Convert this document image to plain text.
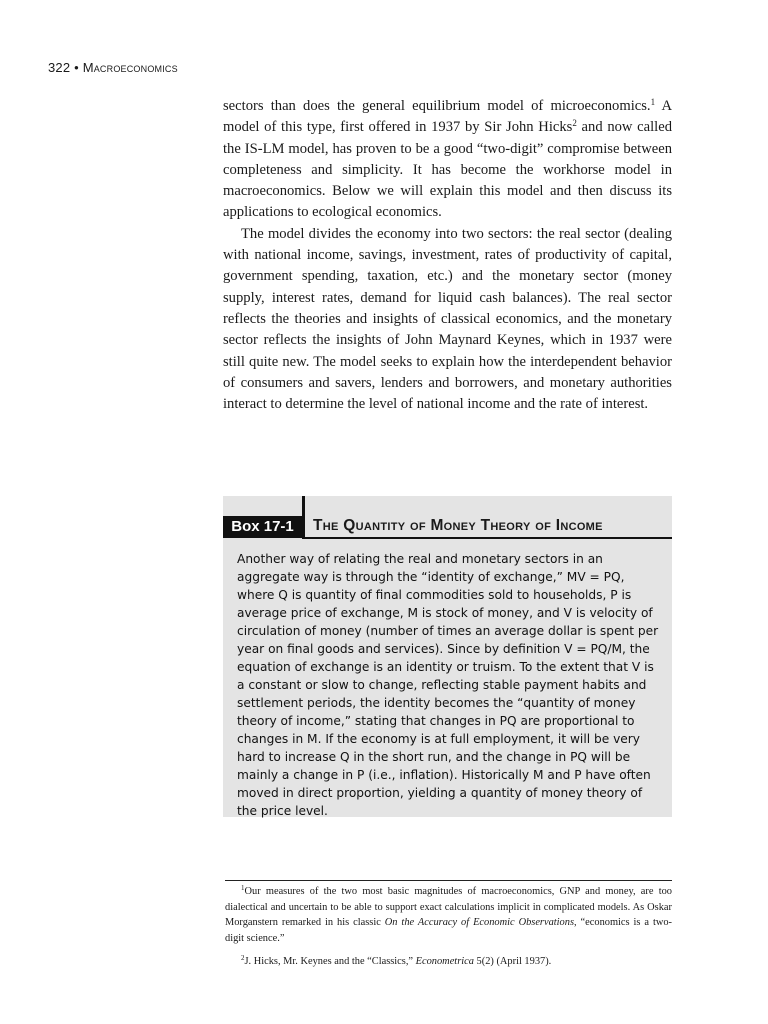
322 • Macroeconomics

sectors than does the general equilibrium model of microeconomics.$^1$ A model of this type, first offered in 1937 by Sir John Hicks$^2$ and now called the IS-LM model, has proven to be a good “two-digit” compromise between completeness and simplicity. It has become the workhorse model in macroeconomics. Below we will explain this model and then discuss its applications to ecological economics.

The model divides the economy into two sectors: the real sector (dealing with national income, savings, investment, rates of productivity of capital, government spending, taxation, etc.) and the monetary sector (money supply, interest rates, demand for liquid cash balances). The real sector reflects the theories and insights of classical economics, and the monetary sector reflects the insights of John Maynard Keynes, which in 1937 were still quite new. The model seeks to explain how the interdependent behavior of consumers and savers, lenders and borrowers, and monetary authorities interact to determine the level of national income and the rate of interest.

Box 17-1	The Quantity of Money Theory of Income
Another way of relating the real and monetary sectors in an aggregate way is through the “identity of exchange,” MV = PQ, where Q is quantity of final commodities sold to households, P is average price of exchange, M is stock of money, and V is velocity of circulation of money (number of times an average dollar is spent per year on final goods and services). Since by definition V = PQ/M, the equation of exchange is an identity or truism. To the extent that V is a constant or slow to change, reflecting stable payment habits and settlement periods, the identity becomes the “quantity of money theory of income,” stating that changes in PQ are proportional to changes in M. If the economy is at full employment, it will be very hard to increase Q in the short run, and the change in PQ will be mainly a change in P (i.e., inflation). Historically M and P have often moved in direct proportion, yielding a quantity of money theory of the price level.

$^1$Our measures of the two most basic magnitudes of macroeconomics, GNP and money, are too dialectical and uncertain to be able to support exact calculations implicit in complicated models. As Oskar Morganstern remarked in his classic On the Accuracy of Economic Observations, “economics is a two-digit science.”

$^2$J. Hicks, Mr. Keynes and the “Classics,” Econometrica 5(2) (April 1937).
